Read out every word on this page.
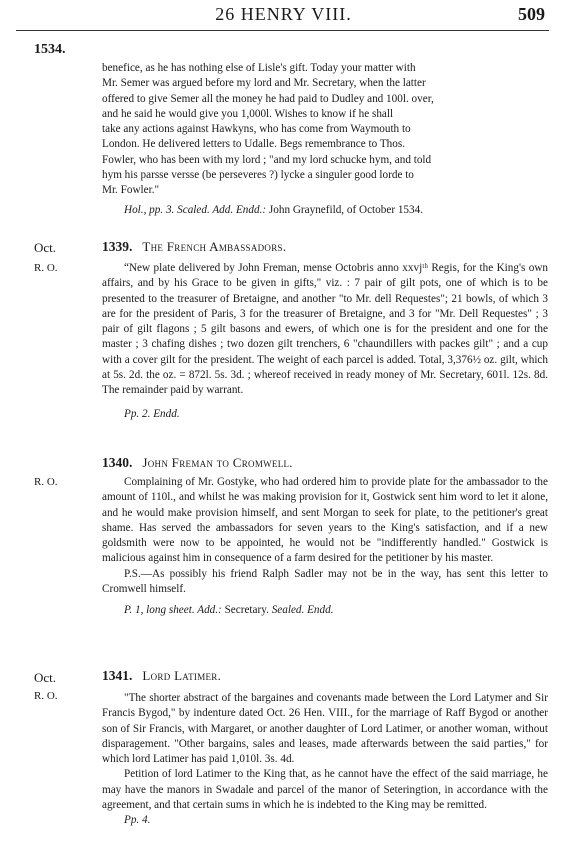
26 HENRY VIII.	509
1534.

benefice, as he has nothing else of Lisle's gift. Today your matter with

Mr. Semer was argued before my lord and Mr. Secretary, when the latter

offered to give Semer all the money he had paid to Dudley and 100l. over,

and he said he would give you 1,000l. Wishes to know if he shall

take any actions against Hawkyns, who has come from Waymouth to

London. He delivered letters to Udalle. Begs remembrance to Thos.

Fowler, who has been with my lord ; "and my lord schucke hym, and told

hym his parsse versse (be perseveres ?) lycke a singuler good lorde to

Mr. Fowler."

Hol., pp. 3. Scaled. Add. Endd.: John Graynefild, of October 1534.

Oct.
R. O.
1339. The French Ambassadors.

“New plate delivered by John Freman, mense Octobris anno xxvjᵗʰ Regis, for the King's own affairs, and by his Grace to be given in gifts," viz. : 7 pair of gilt pots, one of which is to be presented to the treasurer of Bretaigne, and another "to Mr. dell Requestes"; 21 bowls, of which 3 are for the president of Paris, 3 for the treasurer of Bretaigne, and 3 for "Mr. Dell Requestes" ; 3 pair of gilt flagons ; 5 gilt basons and ewers, of which one is for the president and one for the master ; 3 chafing dishes ; two dozen gilt trenchers, 6 "chaundillers with packes gilt" ; and a cup with a cover gilt for the president. The weight of each parcel is added. Total, 3,376½ oz. gilt, which at 5s. 2d. the oz. = 872l. 5s. 3d. ; whereof received in ready money of Mr. Secretary, 601l. 12s. 8d. The remainder paid by warrant.

Pp. 2. Endd.

R. O.
1340. John Freman to Cromwell.

Complaining of Mr. Gostyke, who had ordered him to provide plate for the ambassador to the amount of 110l., and whilst he was making provision for it, Gostwick sent him word to let it alone, and he would make provision himself, and sent Morgan to seek for plate, to the petitioner's great shame. Has served the ambassadors for seven years to the King's satisfaction, and if a new goldsmith were now to be appointed, he would not be "indifferently handled." Gostwick is malicious against him in consequence of a farm desired for the petitioner by his master.

P.S.—As possibly his friend Ralph Sadler may not be in the way, has sent this letter to Cromwell himself.

P. 1, long sheet. Add.: Secretary. Sealed. Endd.

Oct.
R. O.
1341. Lord Latimer.

"The shorter abstract of the bargaines and covenants made between the Lord Latymer and Sir Francis Bygod," by indenture dated Oct. 26 Hen. VIII., for the marriage of Raff Bygod or another son of Sir Francis, with Margaret, or another daughter of Lord Latimer, or another woman, without disparagement. "Other bargains, sales and leases, made afterwards between the said parties," for which lord Latimer has paid 1,010l. 3s. 4d.

Petition of lord Latimer to the King that, as he cannot have the effect of the said marriage, he may have the manors in Swadale and parcel of the manor of Seteringtion, in accordance with the agreement, and that certain sums in which he is indebted to the King may be remitted.

Pp. 4.
